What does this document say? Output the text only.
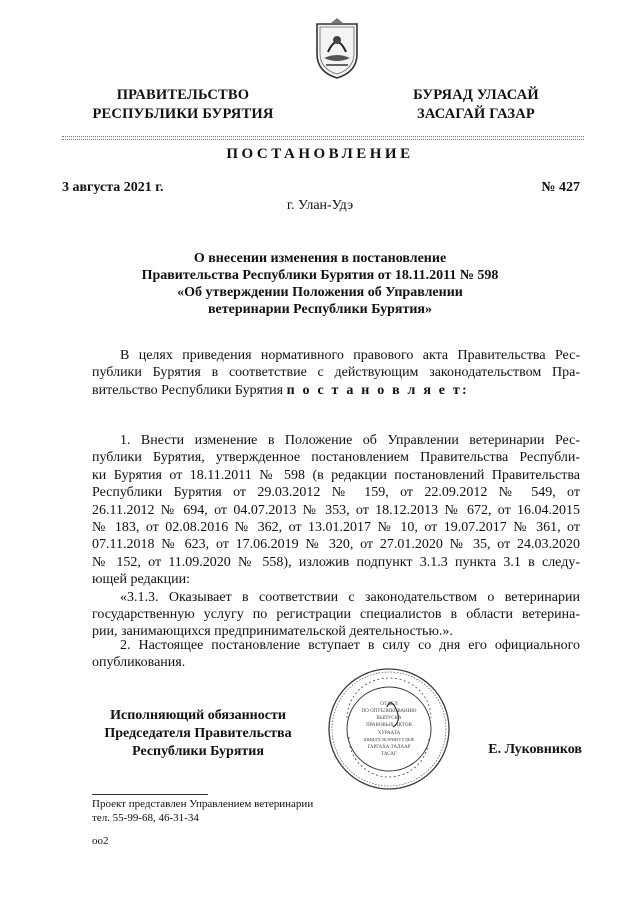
ПРАВИТЕЛЬСТВО
РЕСПУБЛИКИ БУРЯТИЯ
БУРЯАД УЛАСАЙ
ЗАСАГАЙ ГАЗАР
ПОСТАНОВЛЕНИЕ
3 августа 2021 г.	№ 427
г. Улан-Удэ
О внесении изменения в постановление
Правительства Республики Бурятия от 18.11.2011 № 598
«Об утверждении Положения об Управлении
ветеринарии Республики Бурятия»
В целях приведения нормативного правового акта Правительства Рес-
публики Бурятия в соответствие с действующим законодательством Пра-
вительство Республики Бурятия п о с т а н о в л я е т:
1. Внести изменение в Положение об Управлении ветеринарии Рес-
публики Бурятия, утвержденное постановлением Правительства Республи-
ки Бурятия от 18.11.2011 № 598 (в редакции постановлений Правительства
Республики Бурятия от 29.03.2012 № 159, от 22.09.2012 № 549, от
26.11.2012 № 694, от 04.07.2013 № 353, от 18.12.2013 № 672, от 16.04.2015
№ 183, от 02.08.2016 № 362, от 13.01.2017 № 10, от 19.07.2017 № 361, от
07.11.2018 № 623, от 17.06.2019 № 320, от 27.01.2020 № 35, от 24.03.2020
№ 152, от 11.09.2020 № 558), изложив подпункт 3.1.3 пункта 3.1 в следу-
ющей редакции:
«3.1.3. Оказывает в соответствии с законодательством о ветеринарии
государственную услугу по регистрации специалистов в области ветерина-
рии, занимающихся предпринимательской деятельностью.».
2. Настоящее постановление вступает в силу со дня его официального
опубликования.
Исполняющий обязанности
Председателя Правительства
Республики Бурятия
ОТДЕЛ
ПО ОПУБЛИКОВАНИЮ
ВЫПУСКА
ПРАВОВЫХ АКТОВ
ХУРААТА
ШИИДХЭБЭРИНҮҮДЫЕ
ГАРГАХА ТАЛААР
ТАСАГ	Е. Луковников
Проект представлен Управлением ветеринарии
тел. 55-99-68, 46-31-34
оо2
